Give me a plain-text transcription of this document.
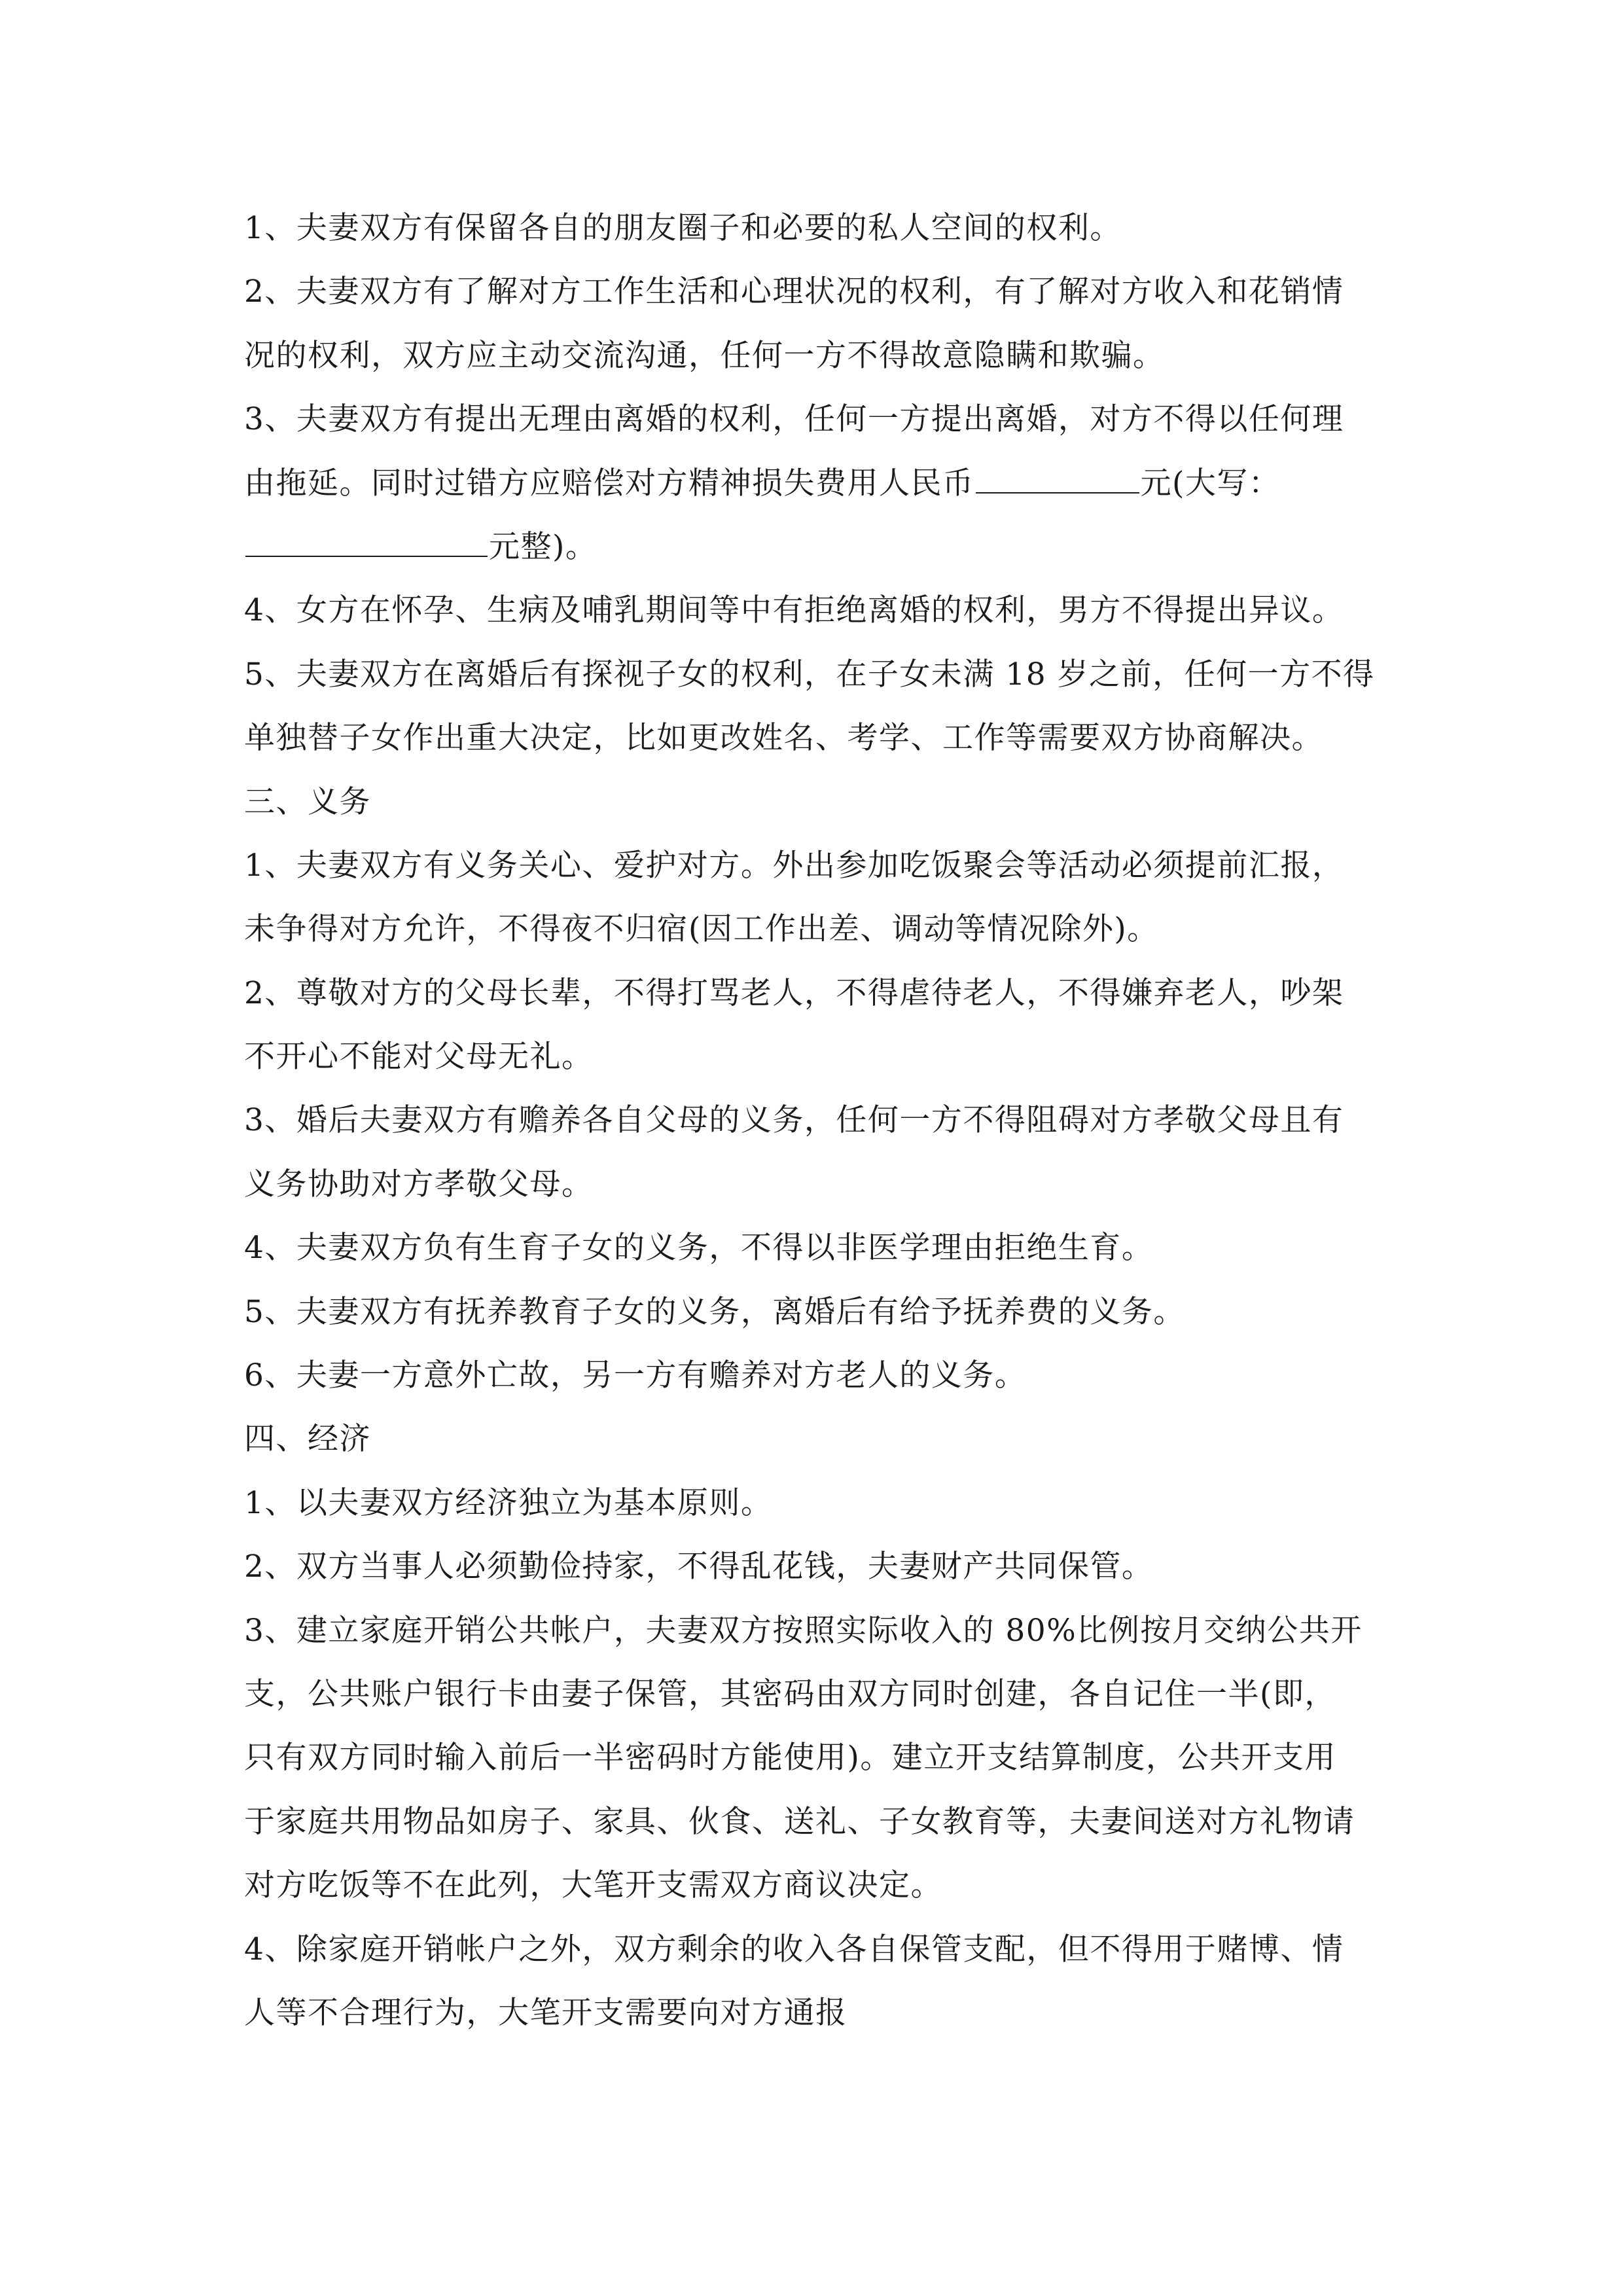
1、夫妻双方有保留各自的朋友圈子和必要的私人空间的权利。
2、夫妻双方有了解对方工作生活和心理状况的权利，有了解对方收入和花销情
况的权利，双方应主动交流沟通，任何一方不得故意隐瞒和欺骗。
3、夫妻双方有提出无理由离婚的权利，任何一方提出离婚，对方不得以任何理
由拖延。同时过错方应赔偿对方精神损失费用人民币	元(大写：
元整)。
4、女方在怀孕、生病及哺乳期间等中有拒绝离婚的权利，男方不得提出异议。
5、夫妻双方在离婚后有探视子女的权利，在子女未满 18 岁之前，任何一方不得
单独替子女作出重大决定，比如更改姓名、考学、工作等需要双方协商解决。
三、义务
1、夫妻双方有义务关心、爱护对方。外出参加吃饭聚会等活动必须提前汇报，
未争得对方允许，不得夜不归宿(因工作出差、调动等情况除外)。
2、尊敬对方的父母长辈，不得打骂老人，不得虐待老人，不得嫌弃老人，吵架
不开心不能对父母无礼。
3、婚后夫妻双方有赡养各自父母的义务，任何一方不得阻碍对方孝敬父母且有
义务协助对方孝敬父母。
4、夫妻双方负有生育子女的义务，不得以非医学理由拒绝生育。
5、夫妻双方有抚养教育子女的义务，离婚后有给予抚养费的义务。
6、夫妻一方意外亡故，另一方有赡养对方老人的义务。
四、经济
1、以夫妻双方经济独立为基本原则。
2、双方当事人必须勤俭持家，不得乱花钱，夫妻财产共同保管。
3、建立家庭开销公共帐户，夫妻双方按照实际收入的 80%比例按月交纳公共开
支，公共账户银行卡由妻子保管，其密码由双方同时创建，各自记住一半(即，
只有双方同时输入前后一半密码时方能使用)。建立开支结算制度，公共开支用
于家庭共用物品如房子、家具、伙食、送礼、子女教育等，夫妻间送对方礼物请
对方吃饭等不在此列，大笔开支需双方商议决定。
4、除家庭开销帐户之外，双方剩余的收入各自保管支配，但不得用于赌博、情
人等不合理行为，大笔开支需要向对方通报
